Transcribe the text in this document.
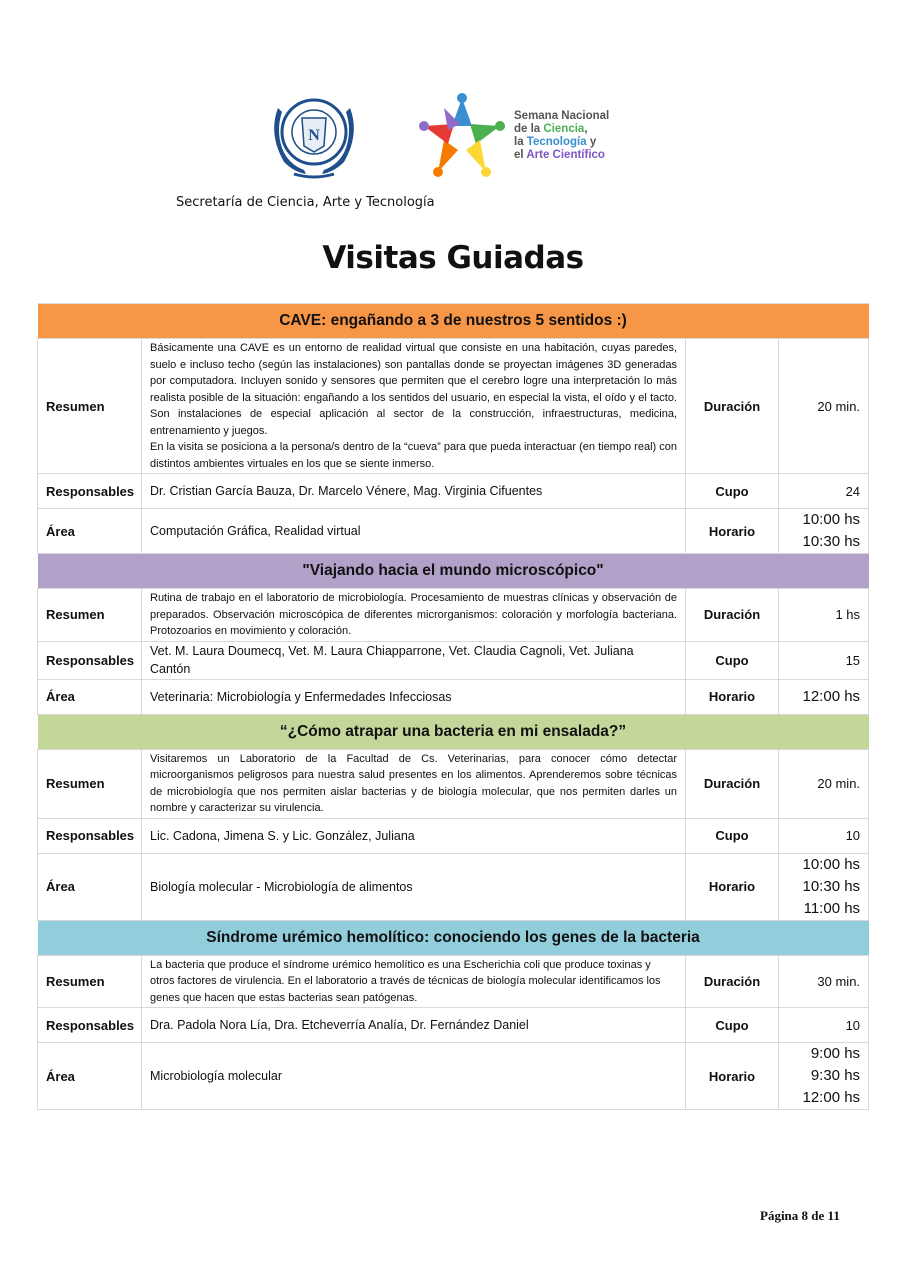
N
Semana Nacional
de la Ciencia,
la Tecnología y
el Arte Científico
Secretaría de Ciencia, Arte y Tecnología
Visitas Guiadas
CAVE: engañando a 3 de nuestros 5 sentidos :)			
Resumen	Básicamente una CAVE es un entorno de realidad virtual que consiste en una habitación, cuyas paredes, suelo e incluso techo (según las instalaciones) son pantallas donde se proyectan imágenes 3D generadas por computadora. Incluyen sonido y sensores que permiten que el cerebro logre una interpretación lo más realista posible de la situación: engañando a los sentidos del usuario, en especial la vista, el oído y el tacto. Son instalaciones de especial aplicación al sector de la construcción, infraestructuras, medicina, entrenamiento y juegos.
En la visita se posiciona a la persona/s dentro de la “cueva” para que pueda interactuar (en tiempo real) con distintos ambientes virtuales en los que se siente inmerso.	Duración	20 min.
Responsables	Dr. Cristian García Bauza, Dr. Marcelo Vénere, Mag. Virginia Cifuentes	Cupo	24
Área	Computación Gráfica, Realidad virtual	Horario	10:00 hs
10:30 hs

"Viajando hacia el mundo microscópico"			
Resumen	Rutina de trabajo en el laboratorio de microbiología. Procesamiento de muestras clínicas y observación de preparados. Observación microscópica de diferentes microrganismos: coloración y morfología bacteriana. Protozoarios en movimiento y coloración.	Duración	1 hs
Responsables	Vet. M. Laura Doumecq, Vet. M. Laura Chiapparrone, Vet. Claudia Cagnoli, Vet. Juliana Cantón	Cupo	15
Área	Veterinaria: Microbiología y Enfermedades Infecciosas	Horario	12:00 hs

“¿Cómo atrapar una bacteria en mi ensalada?”			
Resumen	Visitaremos un Laboratorio de la Facultad de Cs. Veterinarias, para conocer cómo detectar microorganismos peligrosos para nuestra salud presentes en los alimentos. Aprenderemos sobre técnicas de microbiología que nos permiten aislar bacterias y de biología molecular, que nos permiten darles un nombre y caracterizar su virulencia.	Duración	20 min.
Responsables	Lic. Cadona, Jimena S. y Lic. González, Juliana	Cupo	10
Área	Biología molecular - Microbiología de alimentos	Horario	10:00 hs
10:30 hs
11:00 hs

Síndrome urémico hemolítico: conociendo los genes de la bacteria			
Resumen	La bacteria que produce el síndrome urémico hemolítico es una Escherichia coli que produce toxinas y otros factores de virulencia. En el laboratorio a través de técnicas de biología molecular identificamos los genes que hacen que estas bacterias sean patógenas.	Duración	30 min.
Responsables	Dra. Padola Nora Lía, Dra. Etcheverría Analía, Dr. Fernández Daniel	Cupo	10
Área	Microbiología molecular	Horario	9:00 hs
9:30 hs
12:00 hs
Página 8 de 11
